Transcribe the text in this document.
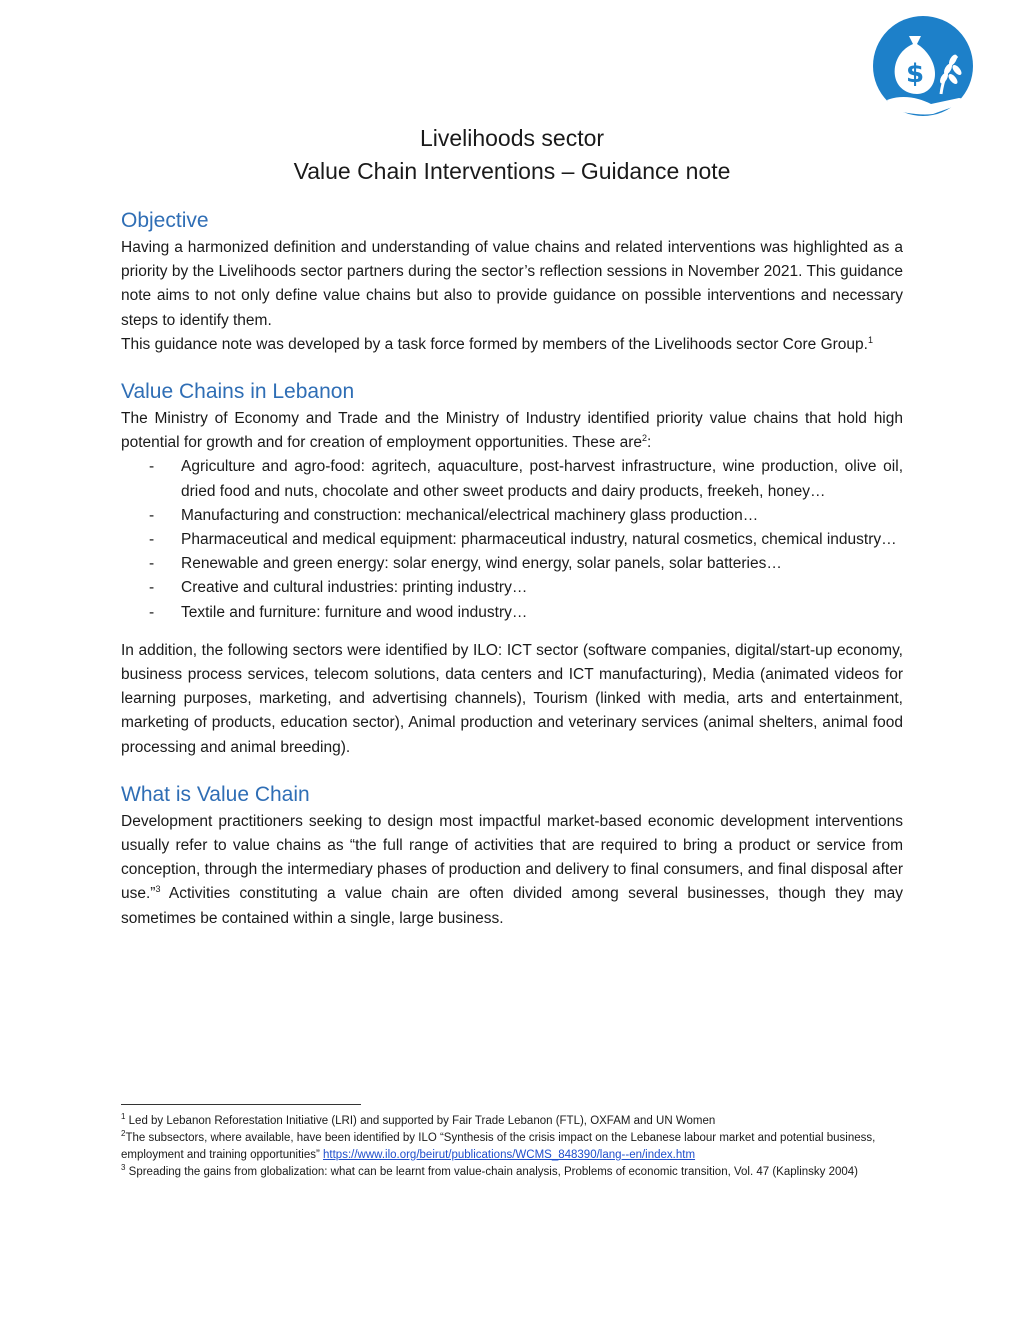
$
Livelihoods sector
Value Chain Interventions – Guidance note
Objective

Having a harmonized definition and understanding of value chains and related interventions was highlighted as a priority by the Livelihoods sector partners during the sector’s reflection sessions in November 2021. This guidance note aims to not only define value chains but also to provide guidance on possible interventions and necessary steps to identify them.

This guidance note was developed by a task force formed by members of the Livelihoods sector Core Group.$^1$

Value Chains in Lebanon

The Ministry of Economy and Trade and the Ministry of Industry identified priority value chains that hold high potential for growth and for creation of employment opportunities. These are$^2$:

- Agriculture and agro-food: agritech, aquaculture, post-harvest infrastructure, wine production, olive oil, dried food and nuts, chocolate and other sweet products and dairy products, freekeh, honey…
- Manufacturing and construction: mechanical/electrical machinery glass production…
- Pharmaceutical and medical equipment: pharmaceutical industry, natural cosmetics, chemical industry…
- Renewable and green energy: solar energy, wind energy, solar panels, solar batteries…
- Creative and cultural industries: printing industry…
- Textile and furniture: furniture and wood industry…

In addition, the following sectors were identified by ILO: ICT sector (software companies, digital/start-up economy, business process services, telecom solutions, data centers and ICT manufacturing), Media (animated videos for learning purposes, marketing, and advertising channels), Tourism (linked with media, arts and entertainment, marketing of products, education sector), Animal production and veterinary services (animal shelters, animal food processing and animal breeding).

What is Value Chain

Development practitioners seeking to design most impactful market-based economic development interventions usually refer to value chains as “the full range of activities that are required to bring a product or service from conception, through the intermediary phases of production and delivery to final consumers, and final disposal after use.”$^3$ Activities constituting a value chain are often divided among several businesses, though they may sometimes be contained within a single, large business.

$^1$ Led by Lebanon Reforestation Initiative (LRI) and supported by Fair Trade Lebanon (FTL), OXFAM and UN Women
$^2$The subsectors, where available, have been identified by ILO “Synthesis of the crisis impact on the Lebanese labour market and potential business, employment and training opportunities” https://www.ilo.org/beirut/publications/WCMS_848390/lang--en/index.htm
$^3$ Spreading the gains from globalization: what can be learnt from value-chain analysis, Problems of economic transition, Vol. 47 (Kaplinsky 2004)
